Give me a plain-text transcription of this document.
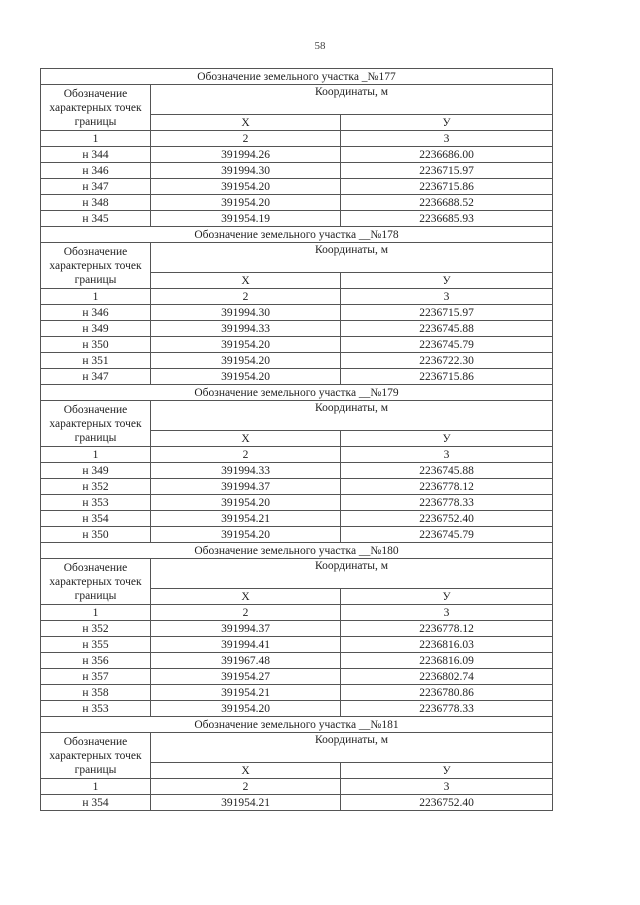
58
Обозначение земельного участка _№177		
Обозначение характерных точек границы	Координаты, м	

	X	У
1	2	3
н 344	391994.26	2236686.00
н 346	391994.30	2236715.97
н 347	391954.20	2236715.86
н 348	391954.20	2236688.52
н 345	391954.19	2236685.93
Обозначение земельного участка __№178		
Обозначение характерных точек границы	Координаты, м	

	X	У
1	2	3
н 346	391994.30	2236715.97
н 349	391994.33	2236745.88
н 350	391954.20	2236745.79
н 351	391954.20	2236722.30
н 347	391954.20	2236715.86
Обозначение земельного участка __№179		
Обозначение характерных точек границы	Координаты, м	

	X	У
1	2	3
н 349	391994.33	2236745.88
н 352	391994.37	2236778.12
н 353	391954.20	2236778.33
н 354	391954.21	2236752.40
н 350	391954.20	2236745.79
Обозначение земельного участка __№180		
Обозначение характерных точек границы	Координаты, м	

	X	У
1	2	3
н 352	391994.37	2236778.12
н 355	391994.41	2236816.03
н 356	391967.48	2236816.09
н 357	391954.27	2236802.74
н 358	391954.21	2236780.86
н 353	391954.20	2236778.33
Обозначение земельного участка __№181		
Обозначение характерных точек границы	Координаты, м	

	X	У
1	2	3
н 354	391954.21	2236752.40
